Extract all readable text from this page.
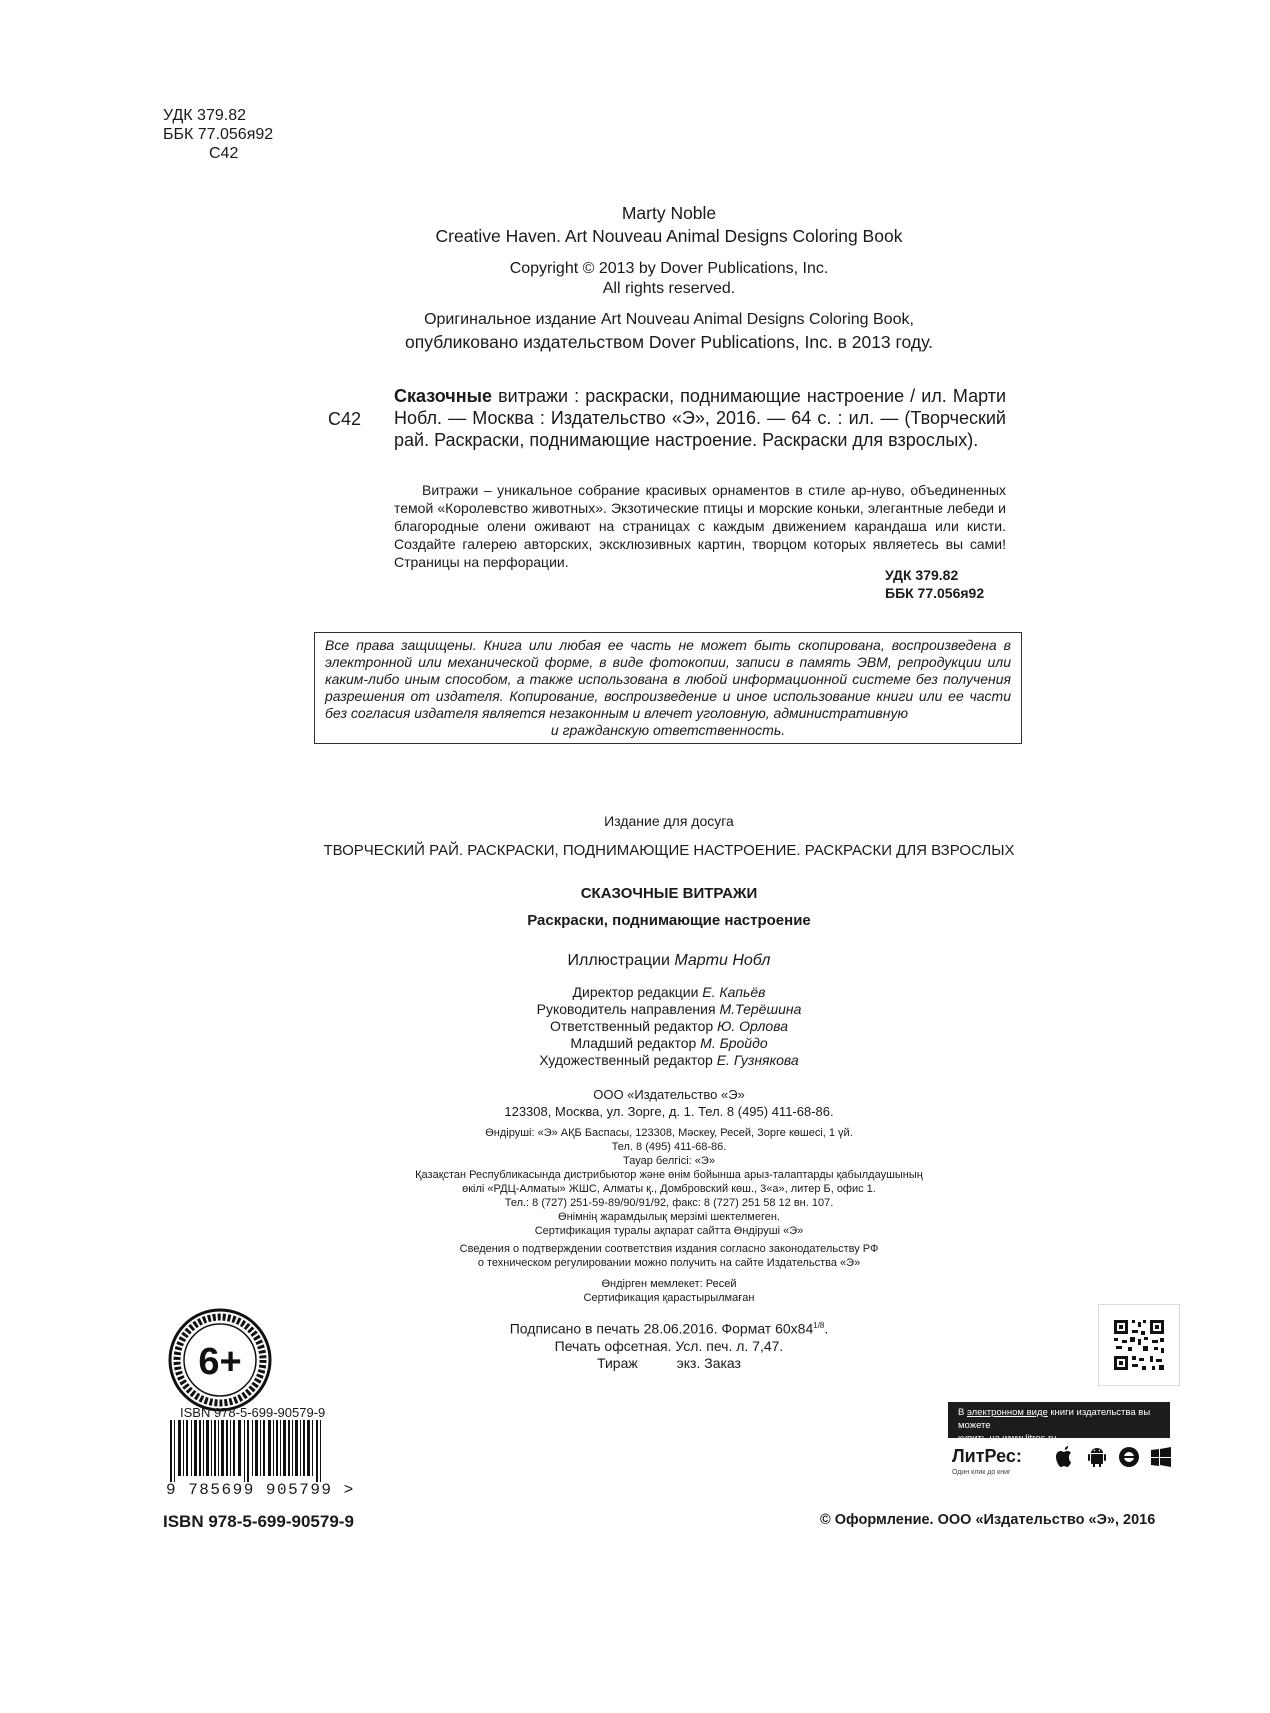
УДК 379.82
ББК 77.056я92
С42
Marty Noble
Creative Haven. Art Nouveau Animal Designs Coloring Book
Copyright © 2013 by Dover Publications, Inc.
All rights reserved.
Оригинальное издание Art Nouveau Animal Designs Coloring Book,
опубликовано издательством Dover Publications, Inc. в 2013 году.
С42
Сказочные витражи : раскраски, поднимающие настроение / ил. Марти Нобл. — Москва : Издательство «Э», 2016. — 64 с. : ил. — (Творческий рай. Раскраски, поднимающие настроение. Раскраски для взрослых).
Витражи – уникальное собрание красивых орнаментов в стиле ар-нуво, объединенных темой «Королевство животных». Экзотические птицы и морские коньки, элегантные лебеди и благородные олени оживают на страницах с каждым движением карандаша или кисти. Создайте галерею авторских, эксклюзивных картин, творцом которых являетесь вы сами! Страницы на перфорации.
УДК 379.82
ББК 77.056я92
Все права защищены. Книга или любая ее часть не может быть скопирована, воспроизведена в электронной или механической форме, в виде фотокопии, записи в память ЭВМ, репродукции или каким-либо иным способом, а также использована в любой информационной системе без получения разрешения от издателя. Копирование, воспроизведение и иное использование книги или ее части без согласия издателя является незаконным и влечет уголовную, административную
и гражданскую ответственность.
Издание для досуга
ТВОРЧЕСКИЙ РАЙ. РАСКРАСКИ, ПОДНИМАЮЩИЕ НАСТРОЕНИЕ. РАСКРАСКИ ДЛЯ ВЗРОСЛЫХ
СКАЗОЧНЫЕ ВИТРАЖИ
Раскраски, поднимающие настроение
Иллюстрации Марти Нобл
Директор редакции Е. Капьёв
Руководитель направления М.Терёшина
Ответственный редактор Ю. Орлова
Младший редактор М. Бройдо
Художественный редактор Е. Гузнякова
ООО «Издательство «Э»
123308, Москва, ул. Зорге, д. 1. Тел. 8 (495) 411-68-86.
Өндіруші: «Э» АҚБ Баспасы, 123308, Мәскеу, Ресей, Зорге көшесі, 1 үй.
Тел. 8 (495) 411-68-86.
Тауар белгісі: «Э»
Қазақстан Республикасында дистрибьютор және өнім бойынша арыз-талаптарды қабылдаушының
өкілі «РДЦ-Алматы» ЖШС, Алматы қ., Домбровский көш., 3«а», литер Б, офис 1.
Тел.: 8 (727) 251-59-89/90/91/92, факс: 8 (727) 251 58 12 вн. 107.
Өнімнің жарамдылық мерзімі шектелмеген.
Сертификация туралы ақпарат сайтта Өндіруші «Э»
Сведения о подтверждении соответствия издания согласно законодательству РФ
о техническом регулировании можно получить на сайте Издательства «Э»
Өндірген мемлекет: Ресей
Сертификация қарастырылмаған
Подписано в печать 28.06.2016. Формат $60х84^{1/8}$.
Печать офсетная. Усл. печ. л. 7,47.
Тираж          экз. Заказ
6+
ISBN 978-5-699-90579-9
9 785699 905799 >
ISBN 978-5-699-90579-9
В электронном виде книги издательства вы можете
купить на www.litres.ru
ЛитРес:
Один клик до книг
© Оформление. ООО «Издательство «Э», 2016
